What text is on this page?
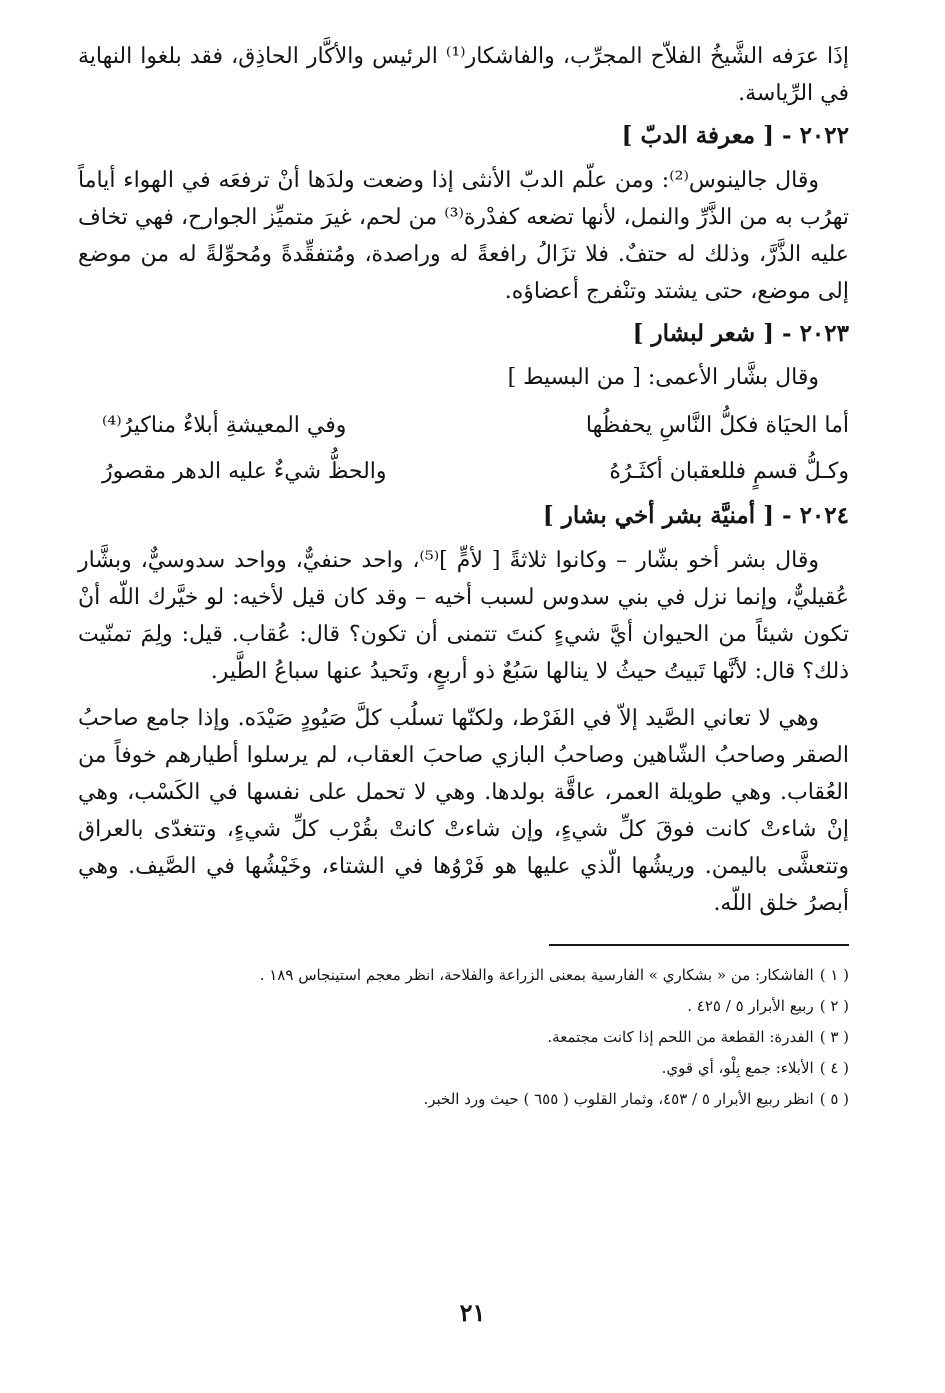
إذَا عرَفه الشَّيخُ الفلاّح المجرِّب، والفاشكار⁽¹⁾ الرئيس والأكَّار الحاذِق، فقد بلغوا النهاية في الرِّياسة.

٢٠٢٢ -[ معرفة الدبّ ]

وقال جالينوس⁽²⁾: ومن علّم الدبّ الأنثى إذا وضعت ولدَها أنْ ترفعَه في الهواء أياماً تهرُب به من الذَّرِّ والنمل، لأنها تضعه كفدْرة⁽³⁾ من لحم، غيرَ متميِّز الجوارح، فهي تخاف عليه الذَّرَّ، وذلك له حتفٌ. فلا تزَالُ رافعةً له وراصدة، ومُتفقِّدةً ومُحوِّلةً له من موضع إلى موضع، حتى يشتد وتنْفرج أعضاؤه.

٢٠٢٣ -[ شعر لبشار ]

وقال بشَّار الأعمى: [ من البسيط ]

أما الحيَاة فكلُّ النَّاسِ يحفظُها
وفي المعيشةِ أبلاءٌ مناكيرُ⁽⁴⁾
وكـلُّ قسمٍ فللعقبان أكثَـرُهُ
والحظُّ شيءٌ عليه الدهر مقصورُ
٢٠٢٤ -[ أمنيَّة بشر أخي بشار ]

وقال بشر أخو بشّار – وكانوا ثلاثةً [ لأمٍّ ]⁽⁵⁾، واحد حنفيٌّ، وواحد سدوسيٌّ، وبشَّار عُقيليٌّ، وإنما نزل في بني سدوس لسبب أخيه – وقد كان قيل لأخيه: لو خيَّرك اللّه أنْ تكون شيئاً من الحيوان أيَّ شيءٍ كنتَ تتمنى أن تكون؟ قال: عُقاب. قيل: ولِمَ تمنّيت ذلك؟ قال: لأنَّها تَبيتُ حيثُ لا ينالها سَبُعٌ ذو أربعٍ، وتَحيدُ عنها سباعُ الطَّير.

وهي لا تعاني الصَّيد إلاّ في الفَرْط، ولكنّها تسلُب كلَّ صَيُودٍ صَيْدَه. وإذا جامع صاحبُ الصقر وصاحبُ الشّاهين وصاحبُ البازي صاحبَ العقاب، لم يرسلوا أطيارهم خوفاً من العُقاب. وهي طويلة العمر، عاقَّة بولدها. وهي لا تحمل على نفسها في الكَسْب، وهي إنْ شاءتْ كانت فوقَ كلِّ شيءٍ، وإن شاءتْ كانتْ بقُرْب كلِّ شيءٍ، وتتغدّى بالعراق وتتعشَّى باليمن. وريشُها الّذي عليها هو فَرْوُها في الشتاء، وخَيْشُها في الصَّيف. وهي أبصرُ خلق اللّه.

( ١ )الفاشكار: من « بشكاري » الفارسية بمعنى الزراعة والفلاحة، انظر معجم استينجاس ١٨٩ .

( ٢ )ربيع الأبرار ٥ / ٤٢٥ .

( ٣ )الفدرة: القطعة من اللحم إذا كانت مجتمعة.

( ٤ )الأبلاء: جمع بِلْو، أي قوي.

( ٥ )انظر ربيع الأبرار ٥ / ٤٥٣، وثمار القلوب ( ٦٥٥ ) حيث ورد الخبر.

٢١
